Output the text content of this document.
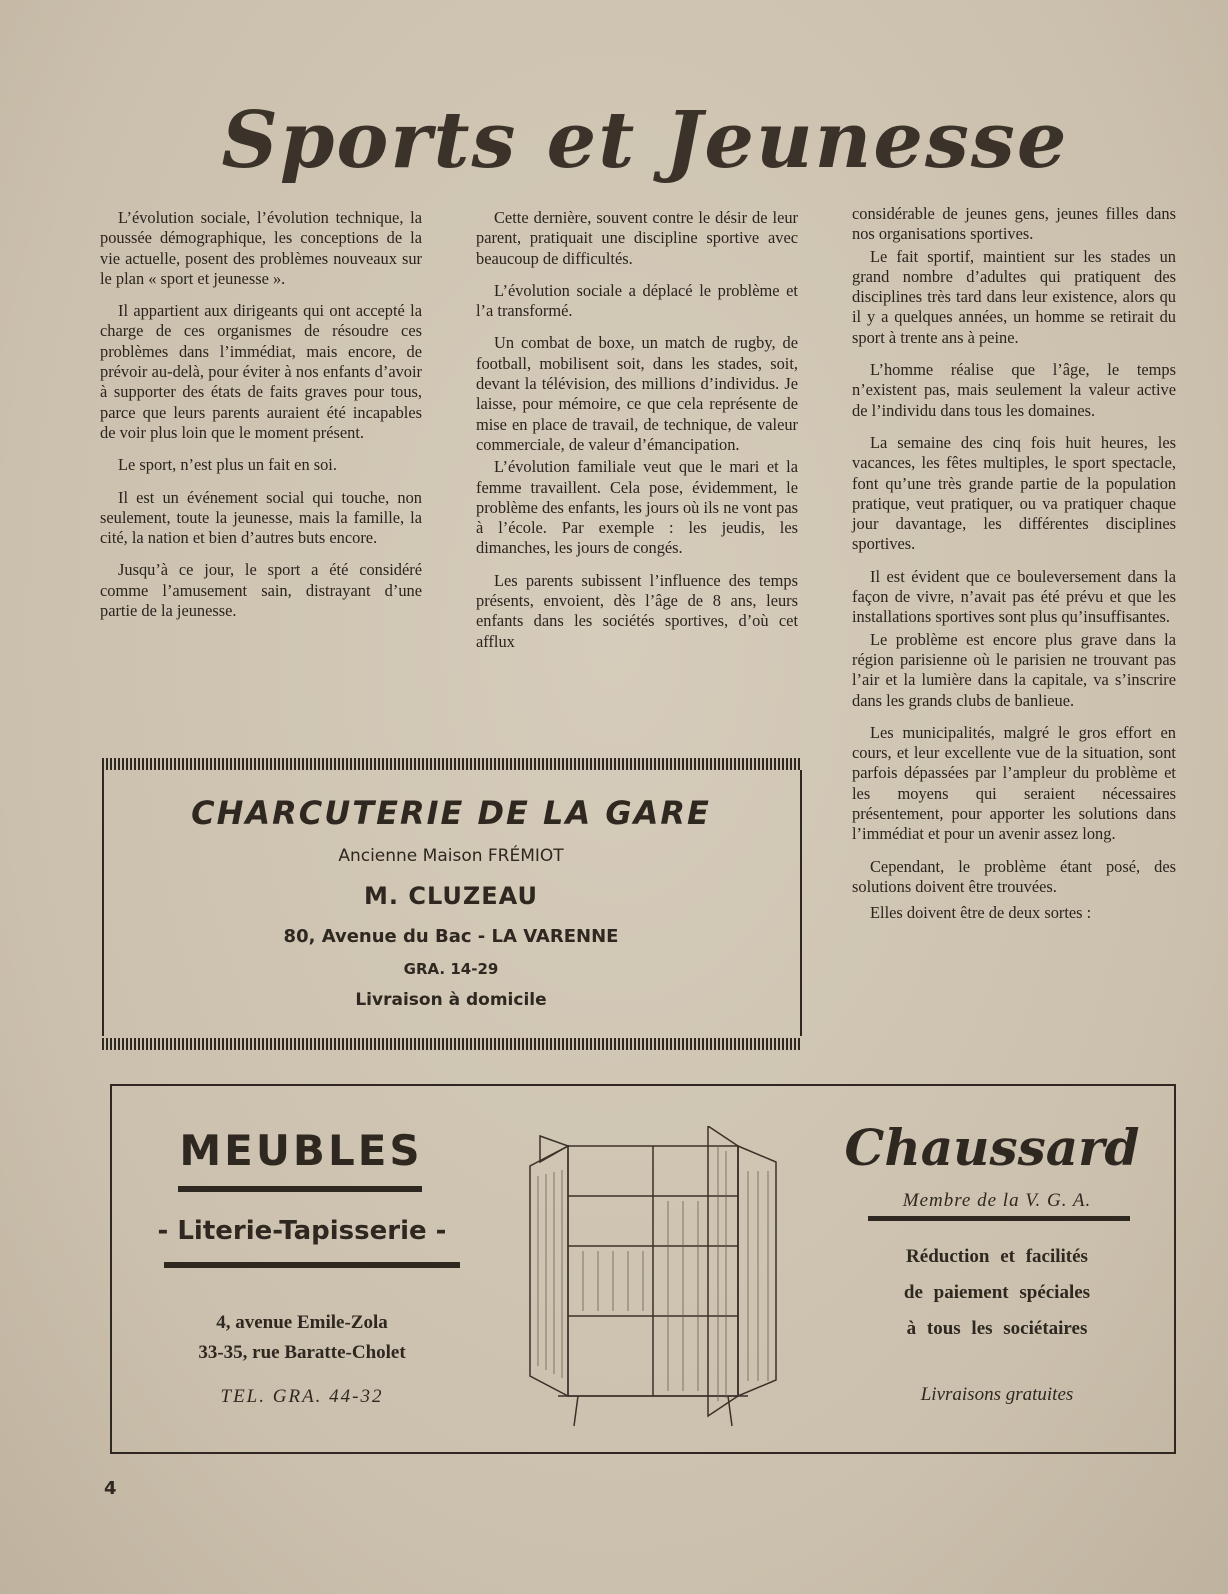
Sports et Jeunesse

L’évolution sociale, l’évolution technique, la poussée démographique, les conceptions de la vie actuelle, posent des problèmes nouveaux sur le plan « sport et jeunesse ».

Il appartient aux dirigeants qui ont accepté la charge de ces organismes de résoudre ces problèmes dans l’immédiat, mais encore, de prévoir au-delà, pour éviter à nos enfants d’avoir à supporter des états de faits graves pour tous, parce que leurs parents auraient été incapables de voir plus loin que le moment présent.

Le sport, n’est plus un fait en soi.

Il est un événement social qui touche, non seulement, toute la jeunesse, mais la famille, la cité, la nation et bien d’autres buts encore.

Jusqu’à ce jour, le sport a été considéré comme l’amusement sain, distrayant d’une partie de la jeunesse.

Cette dernière, souvent contre le désir de leur parent, pratiquait une discipline sportive avec beaucoup de difficultés.

L’évolution sociale a déplacé le problème et l’a transformé.

Un combat de boxe, un match de rugby, de football, mobilisent soit, dans les stades, soit, devant la télévision, des millions d’individus. Je laisse, pour mémoire, ce que cela représente de mise en place de travail, de technique, de valeur commerciale, de valeur d’émancipation.

L’évolution familiale veut que le mari et la femme travaillent. Cela pose, évidemment, le problème des enfants, les jours où ils ne vont pas à l’école. Par exemple : les jeudis, les dimanches, les jours de congés.

Les parents subissent l’influence des temps présents, envoient, dès l’âge de 8 ans, leurs enfants dans les sociétés sportives, d’où cet afflux

considérable de jeunes gens, jeunes filles dans nos organisations sportives.

Le fait sportif, maintient sur les stades un grand nombre d’adultes qui pratiquent des disciplines très tard dans leur existence, alors qu il y a quelques années, un homme se retirait du sport à trente ans à peine.

L’homme réalise que l’âge, le temps n’existent pas, mais seulement la valeur active de l’individu dans tous les domaines.

La semaine des cinq fois huit heures, les vacances, les fêtes multiples, le sport spectacle, font qu’une très grande partie de la population pratique, veut pratiquer, ou va pratiquer chaque jour davantage, les différentes disciplines sportives.

Il est évident que ce bouleversement dans la façon de vivre, n’avait pas été prévu et que les installations sportives sont plus qu’insuffisantes.

Le problème est encore plus grave dans la région parisienne où le parisien ne trouvant pas l’air et la lumière dans la capitale, va s’inscrire dans les grands clubs de banlieue.

Les municipalités, malgré le gros effort en cours, et leur excellente vue de la situation, sont parfois dépassées par l’ampleur du problème et les moyens qui seraient nécessaires présentement, pour apporter les solutions dans l’immédiat et pour un avenir assez long.

Cependant, le problème étant posé, des solutions doivent être trouvées.

Elles doivent être de deux sortes :

CHARCUTERIE DE LA GARE
Ancienne Maison FRÉMIOT
M. CLUZEAU
80, Avenue du Bac - LA VARENNE
GRA. 14-29
Livraison à domicile
MEUBLES
- Literie-Tapisserie -
4, avenue Emile-Zola
33-35, rue Baratte-Cholet
TEL. GRA. 44-32
Chaussard
Membre de la V. G. A.
Réduction et facilités
de paiement spéciales
à tous les sociétaires
Livraisons gratuites
4
